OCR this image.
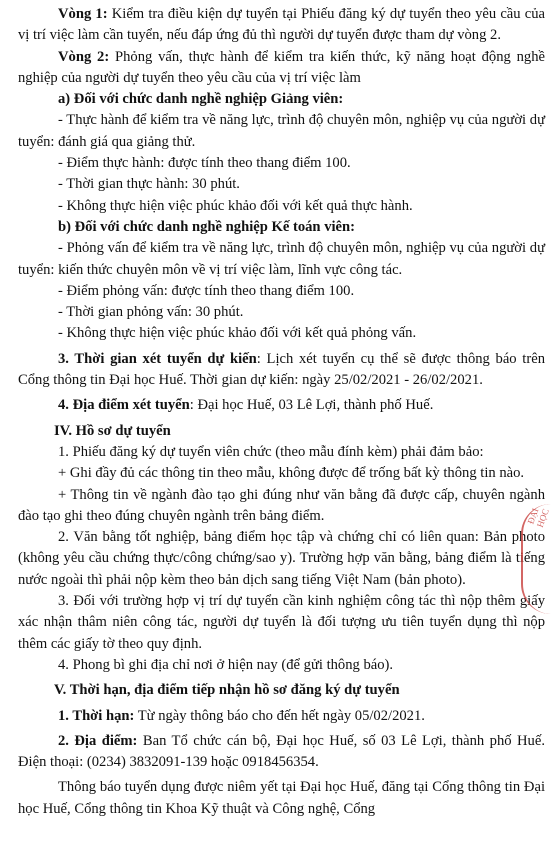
Vòng 1: Kiểm tra điều kiện dự tuyển tại Phiếu đăng ký dự tuyển theo yêu cầu của vị trí việc làm cần tuyển, nếu đáp ứng đủ thì người dự tuyển được tham dự vòng 2.

Vòng 2: Phỏng vấn, thực hành để kiểm tra kiến thức, kỹ năng hoạt động nghề nghiệp của người dự tuyển theo yêu cầu của vị trí việc làm

a) Đối với chức danh nghề nghiệp Giảng viên:

- Thực hành để kiểm tra về năng lực, trình độ chuyên môn, nghiệp vụ của người dự tuyển: đánh giá qua giảng thử.

- Điểm thực hành: được tính theo thang điểm 100.

- Thời gian thực hành: 30 phút.

- Không thực hiện việc phúc khảo đối với kết quả thực hành.

b) Đối với chức danh nghề nghiệp Kế toán viên:

- Phỏng vấn để kiểm tra về năng lực, trình độ chuyên môn, nghiệp vụ của người dự tuyển: kiến thức chuyên môn về vị trí việc làm, lĩnh vực công tác.

- Điểm phỏng vấn: được tính theo thang điểm 100.

- Thời gian phỏng vấn: 30 phút.

- Không thực hiện việc phúc khảo đối với kết quả phỏng vấn.

3. Thời gian xét tuyển dự kiến: Lịch xét tuyển cụ thể sẽ được thông báo trên Cổng thông tin Đại học Huế. Thời gian dự kiến: ngày 25/02/2021 - 26/02/2021.

4. Địa điểm xét tuyển: Đại học Huế, 03 Lê Lợi, thành phố Huế.

IV. Hồ sơ dự tuyển

1. Phiếu đăng ký dự tuyển viên chức (theo mẫu đính kèm) phải đảm bảo:

+ Ghi đầy đủ các thông tin theo mẫu, không được để trống bất kỳ thông tin nào.

+ Thông tin về ngành đào tạo ghi đúng như văn bằng đã được cấp, chuyên ngành đào tạo ghi theo đúng chuyên ngành trên bảng điểm.

2. Văn bằng tốt nghiệp, bảng điểm học tập và chứng chỉ có liên quan: Bản photo (không yêu cầu chứng thực/công chứng/sao y). Trường hợp văn bằng, bảng điểm là tiếng nước ngoài thì phải nộp kèm theo bản dịch sang tiếng Việt Nam (bản photo).

3. Đối với trường hợp vị trí dự tuyển cần kinh nghiệm công tác thì nộp thêm giấy xác nhận thâm niên công tác, người dự tuyển là đối tượng ưu tiên tuyển dụng thì nộp thêm các giấy tờ theo quy định.

4. Phong bì ghi địa chỉ nơi ở hiện nay (để gửi thông báo).

V. Thời hạn, địa điểm tiếp nhận hồ sơ đăng ký dự tuyển

1. Thời hạn: Từ ngày thông báo cho đến hết ngày 05/02/2021.

2. Địa điểm: Ban Tổ chức cán bộ, Đại học Huế, số 03 Lê Lợi, thành phố Huế. Điện thoại: (0234) 3832091-139 hoặc 0918456354.

Thông báo tuyển dụng được niêm yết tại Đại học Huế, đăng tại Cổng thông tin Đại học Huế, Cổng thông tin Khoa Kỹ thuật và Công nghệ, Cổng

ĐẠI HỌC
